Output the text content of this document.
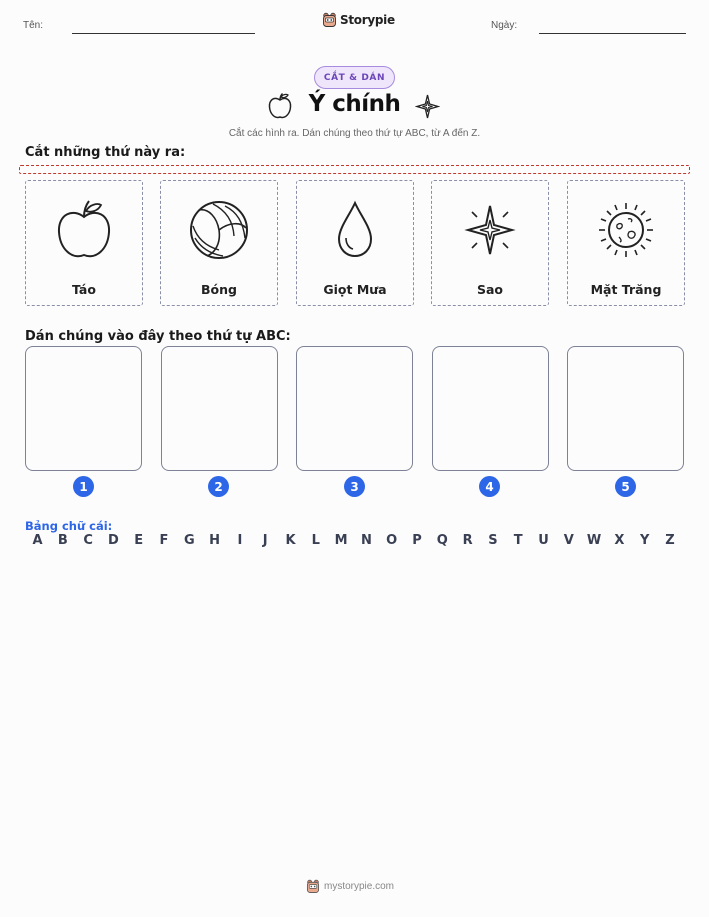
Tên:	Storypie	Ngày:
CẮT & DÁN
Ý chính
Cắt các hình ra. Dán chúng theo thứ tự ABC, từ A đến Z.
Cắt những thứ này ra:
Táo	Bóng	Giọt Mưa	Sao	Mặt Trăng
Dán chúng vào đây theo thứ tự ABC:
1	2	3	4	5
Bảng chữ cái:
A	B	C	D	E	F	G	H	I	J	K	L	M	N	O	P	Q	R	S	T	U	V	W	X	Y	Z
mystorypie.com
